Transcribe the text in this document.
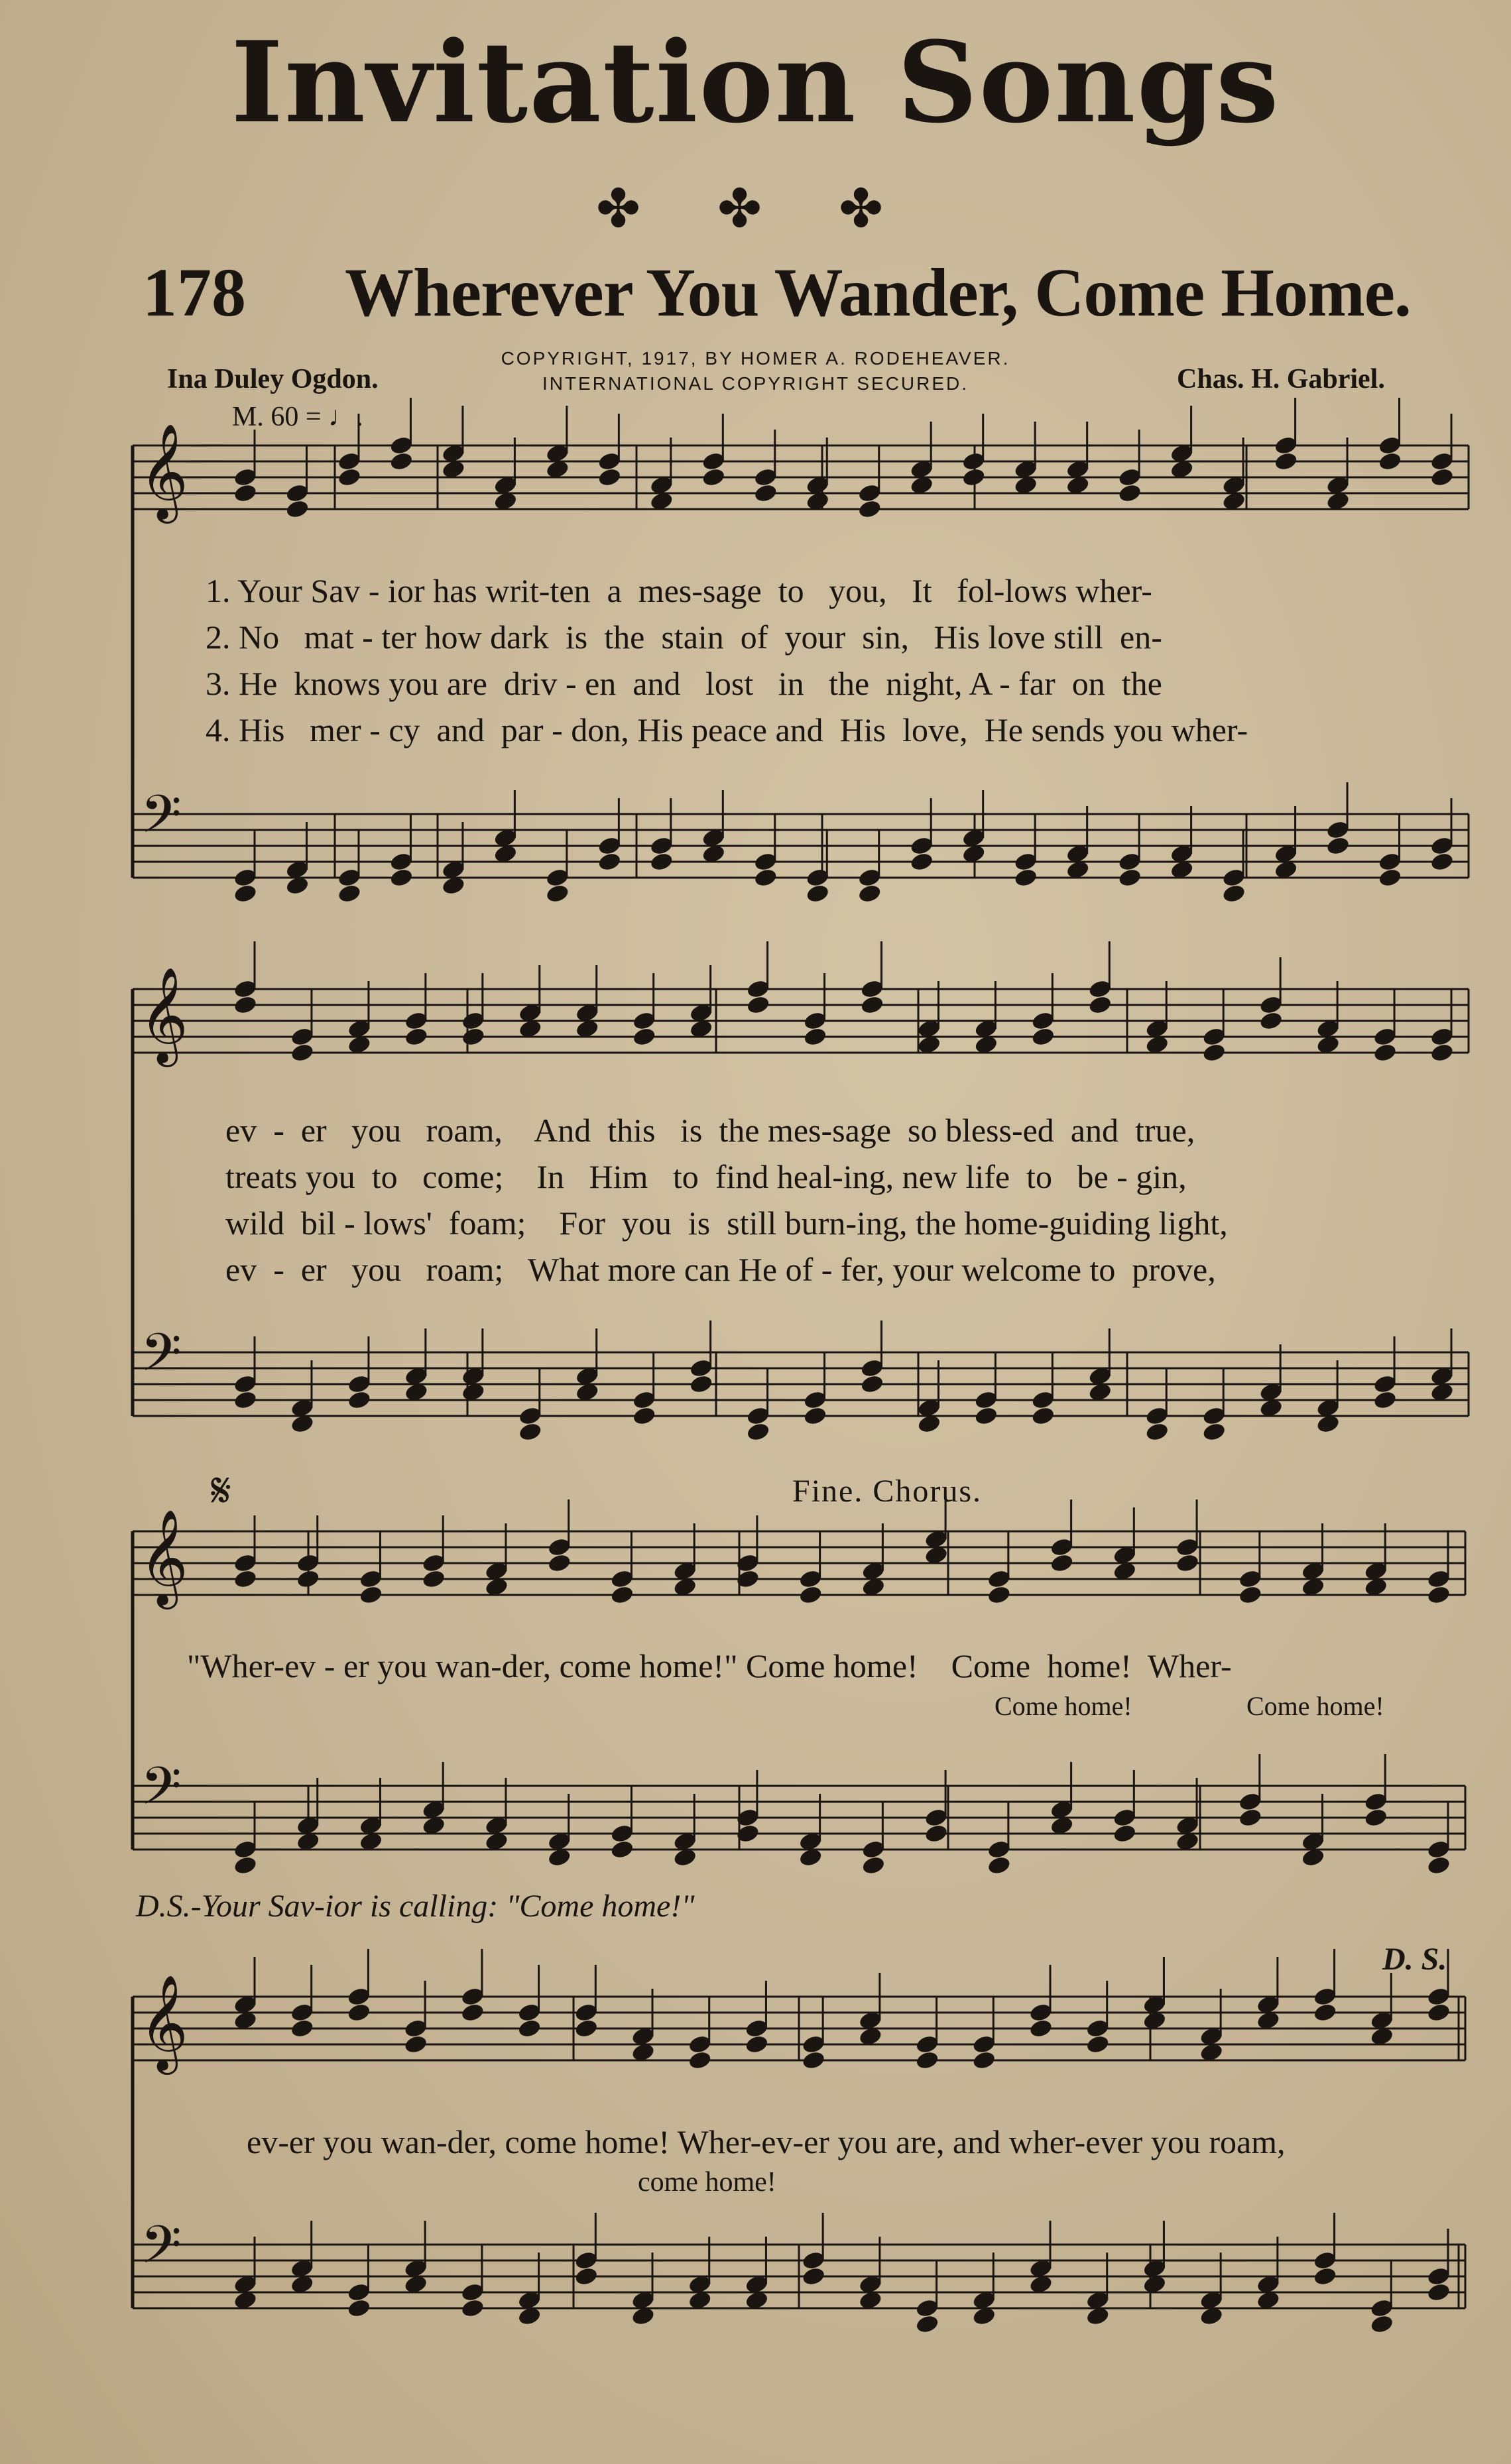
Invitation Songs
✤ ✤ ✤
178 Wherever You Wander, Come Home.
COPYRIGHT, 1917, BY HOMER A. RODEHEAVER.
INTERNATIONAL COPYRIGHT SECURED.
Ina Duley Ogdon.	Chas. H. Gabriel.
M. 60 = ♩.
𝄞
𝄢
𝄞
𝄢
𝄞
𝄢
𝄞
𝄢
1. Your Sav - ior has writ-ten  a  mes-sage  to   you,   It   fol-lows wher-
2. No   mat - ter how dark  is  the  stain  of  your  sin,   His love still  en-
3. He  knows you are  driv - en  and   lost   in   the  night, A - far  on  the
4. His   mer - cy  and  par - don, His peace and  His  love,  He sends you wher-
ev  -  er   you   roam,    And  this   is  the mes-sage  so bless-ed  and  true,
treats you  to   come;    In   Him   to  find heal-ing, new life  to   be - gin,
wild  bil - lows'  foam;    For  you  is  still burn-ing, the home-guiding light,
ev  -  er   you   roam;   What more can He of - fer, your welcome to  prove,
𝄋	Fine. Chorus.
"Wher-ev - er you wan-der, come home!" Come home!    Come  home!  Wher-
Come home!	Come home!
D.S.-Your Sav-ior is calling: "Come home!"
D. S.
ev-er you wan-der, come home! Wher-ev-er you are, and wher-ever you roam,
come home!
